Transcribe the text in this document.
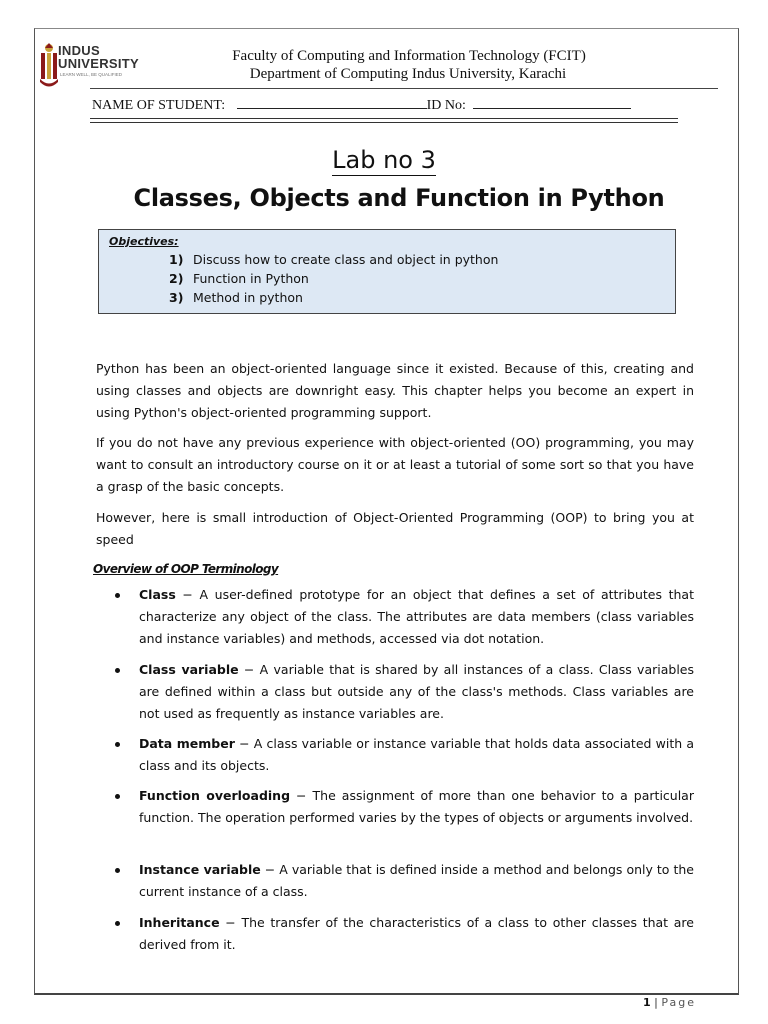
INDUS
UNIVERSITY
LEARN WELL, BE QUALIFIED
Faculty of Computing and Information Technology (FCIT)
Department of Computing Indus University, Karachi
NAME OF STUDENT:	ID No:
Lab no 3
Classes, Objects and Function in Python
Objectives:
1) Discuss how to create class and object in python
2) Function in Python
3) Method in python

Python has been an object-oriented language since it existed. Because of this, creating and using classes and objects are downright easy. This chapter helps you become an expert in using Python's object-oriented programming support.

If you do not have any previous experience with object-oriented (OO) programming, you may want to consult an introductory course on it or at least a tutorial of some sort so that you have a grasp of the basic concepts.

However, here is small introduction of Object-Oriented Programming (OOP) to bring you at speed

Overview of OOP Terminology
Class − A user-defined prototype for an object that defines a set of attributes that characterize any object of the class. The attributes are data members (class variables and instance variables) and methods, accessed via dot notation.
Class variable − A variable that is shared by all instances of a class. Class variables are defined within a class but outside any of the class's methods. Class variables are not used as frequently as instance variables are.
Data member − A class variable or instance variable that holds data associated with a class and its objects.
Function overloading − The assignment of more than one behavior to a particular function. The operation performed varies by the types of objects or arguments involved.
Instance variable − A variable that is defined inside a method and belongs only to the current instance of a class.
Inheritance − The transfer of the characteristics of a class to other classes that are derived from it.
1 | Page
